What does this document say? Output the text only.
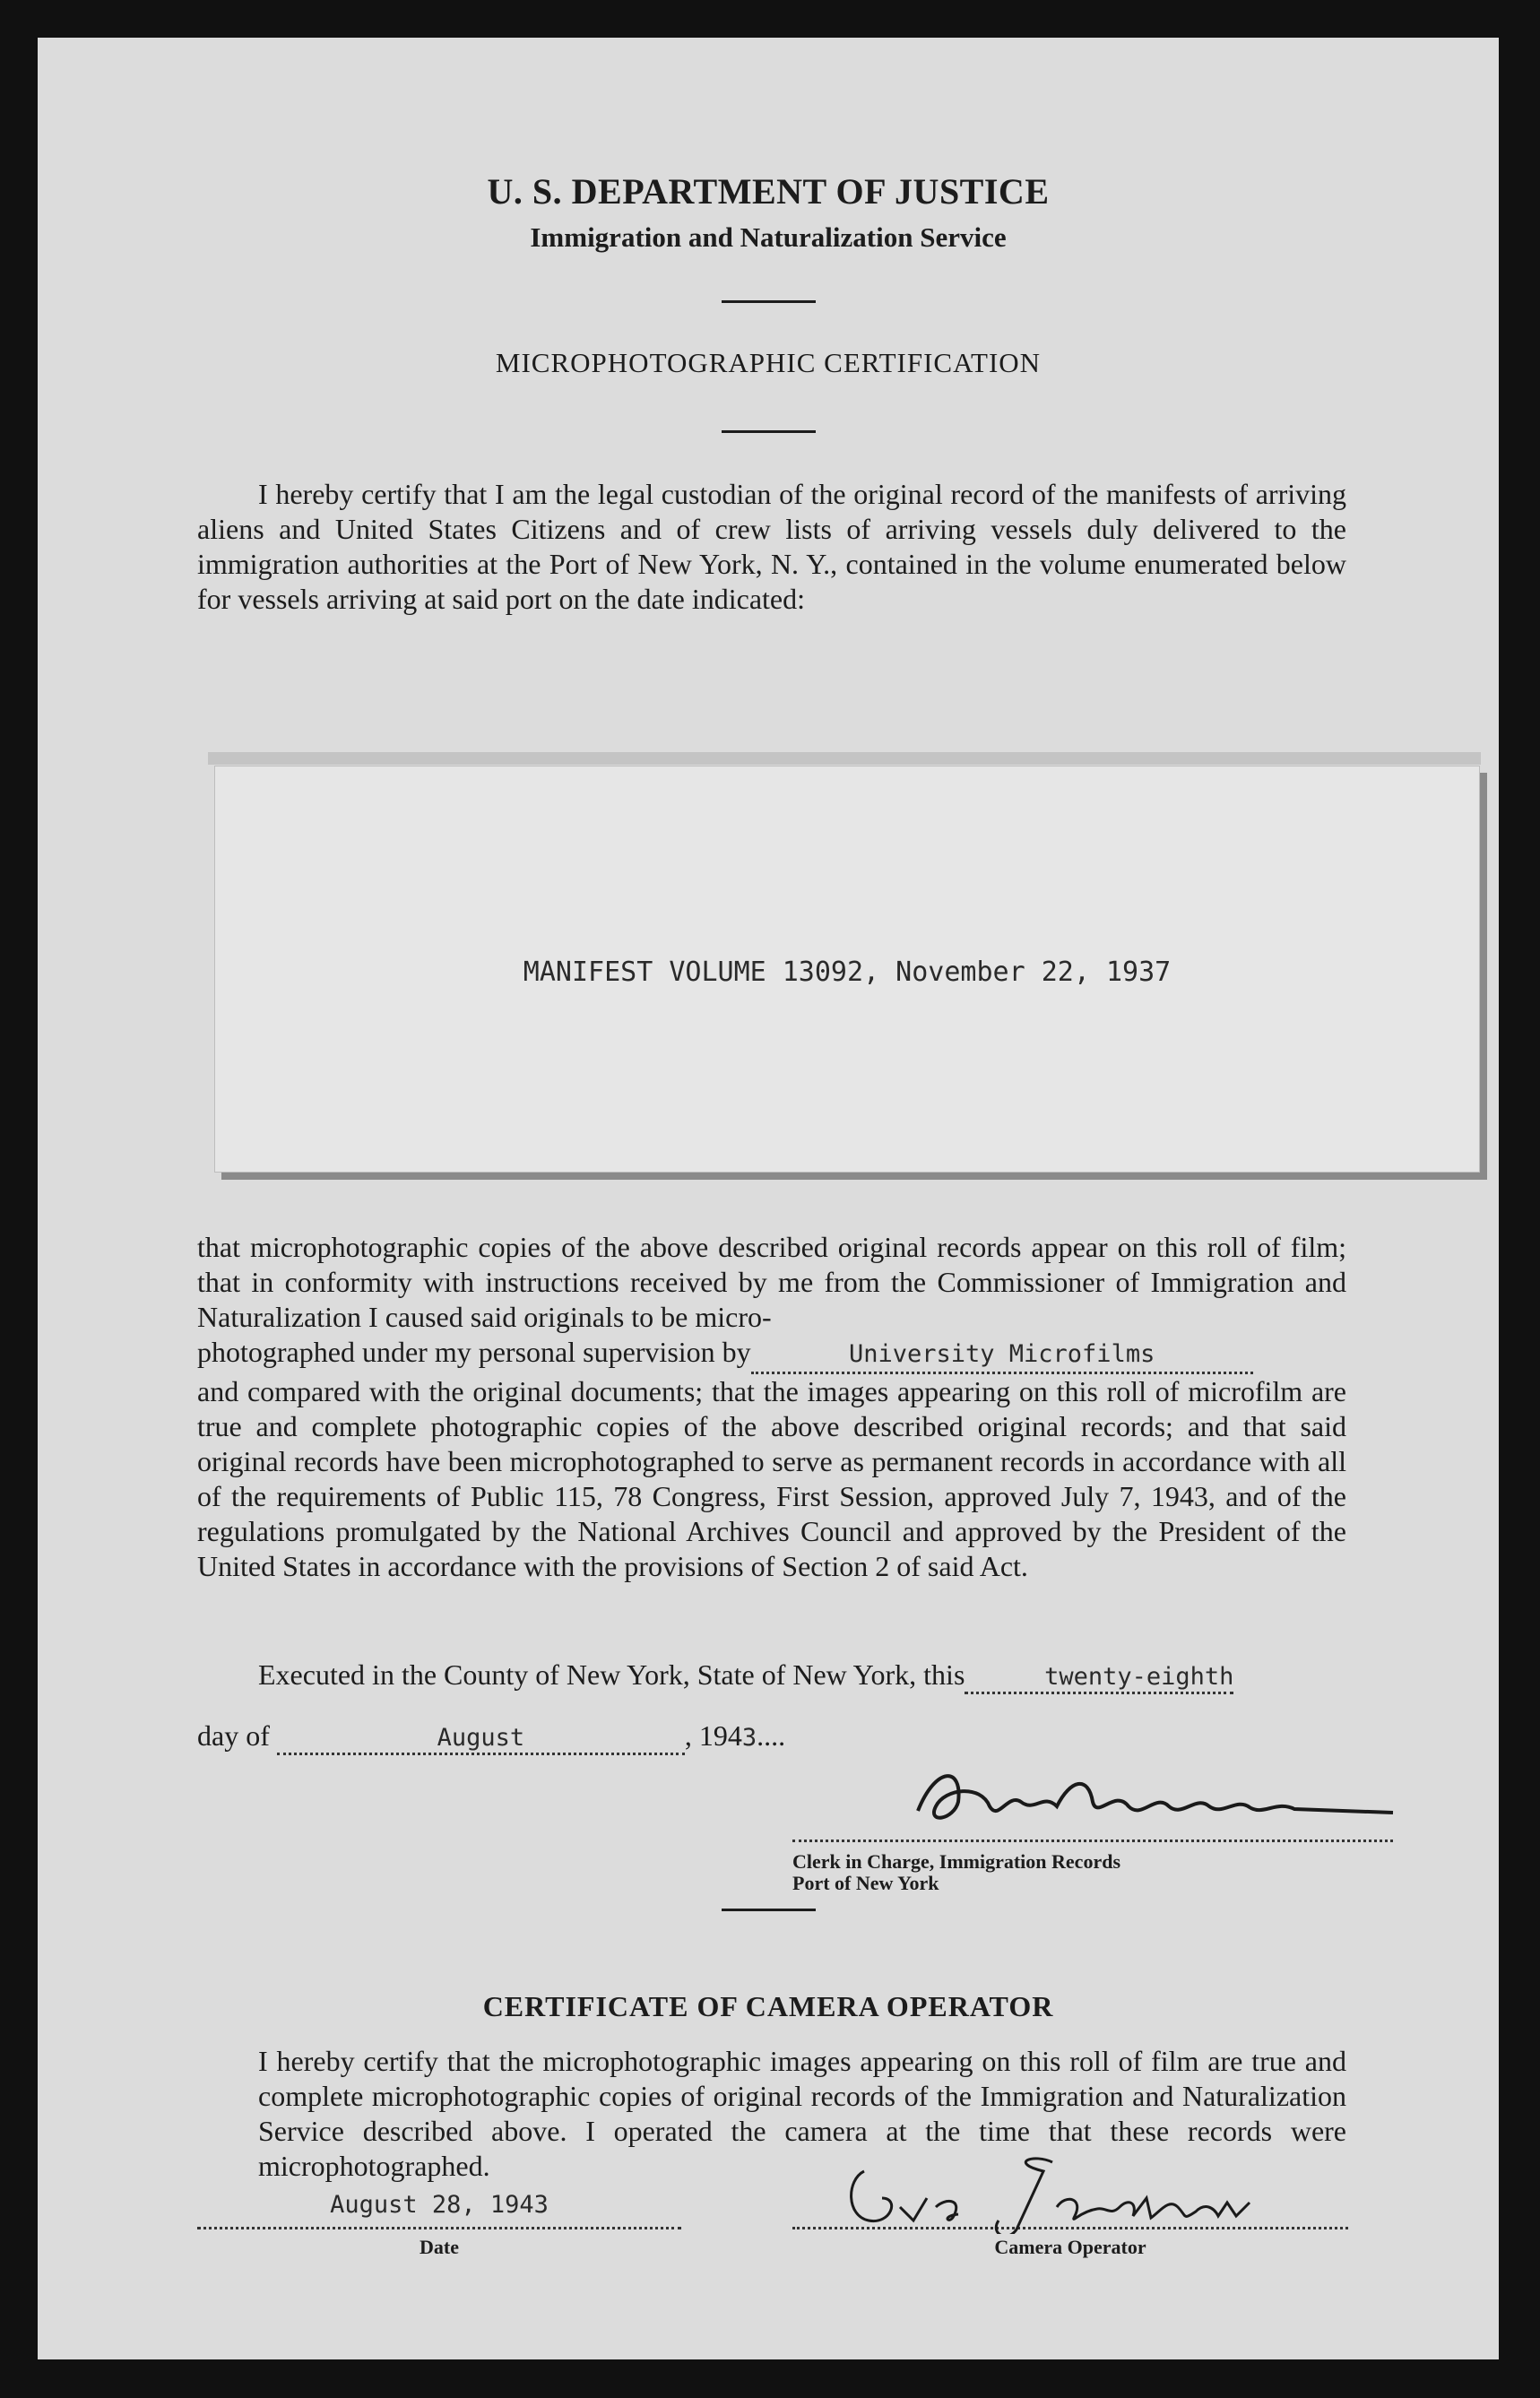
U. S. DEPARTMENT OF JUSTICE
Immigration and Naturalization Service
MICROPHOTOGRAPHIC CERTIFICATION

I hereby certify that I am the legal custodian of the original record of the manifests of arriving aliens and United States Citizens and of crew lists of arriving vessels duly delivered to the immigration authorities at the Port of New York, N. Y., contained in the volume enumerated below for vessels arriving at said port on the date indicated:

MANIFEST VOLUME 13092, November 22, 1937

that microphotographic copies of the above described original records appear on this roll of film; that in conformity with instructions received by me from the Commissioner of Immigration and Naturalization I caused said originals to be micro-

photographed under my personal supervision by	University Microfilms

and compared with the original documents; that the images appearing on this roll of microfilm are true and complete photographic copies of the above described original records; and that said original records have been microphotographed to serve as permanent records in accordance with all of the requirements of Public 115, 78 Congress, First Session, approved July 7, 1943, and of the regulations promulgated by the National Archives Council and approved by the President of the United States in accordance with the provisions of Section 2 of said Act.

Executed in the County of New York, State of New York, this	twenty-eighth
day of	August	, 1943....
Clerk in Charge, Immigration Records
Port of New York
CERTIFICATE OF CAMERA OPERATOR

I hereby certify that the microphotographic images appearing on this roll of film are true and complete microphotographic copies of original records of the Immigration and Naturalization Service described above. I operated the camera at the time that these records were microphotographed.

August 28, 1943
Date	Camera Operator
